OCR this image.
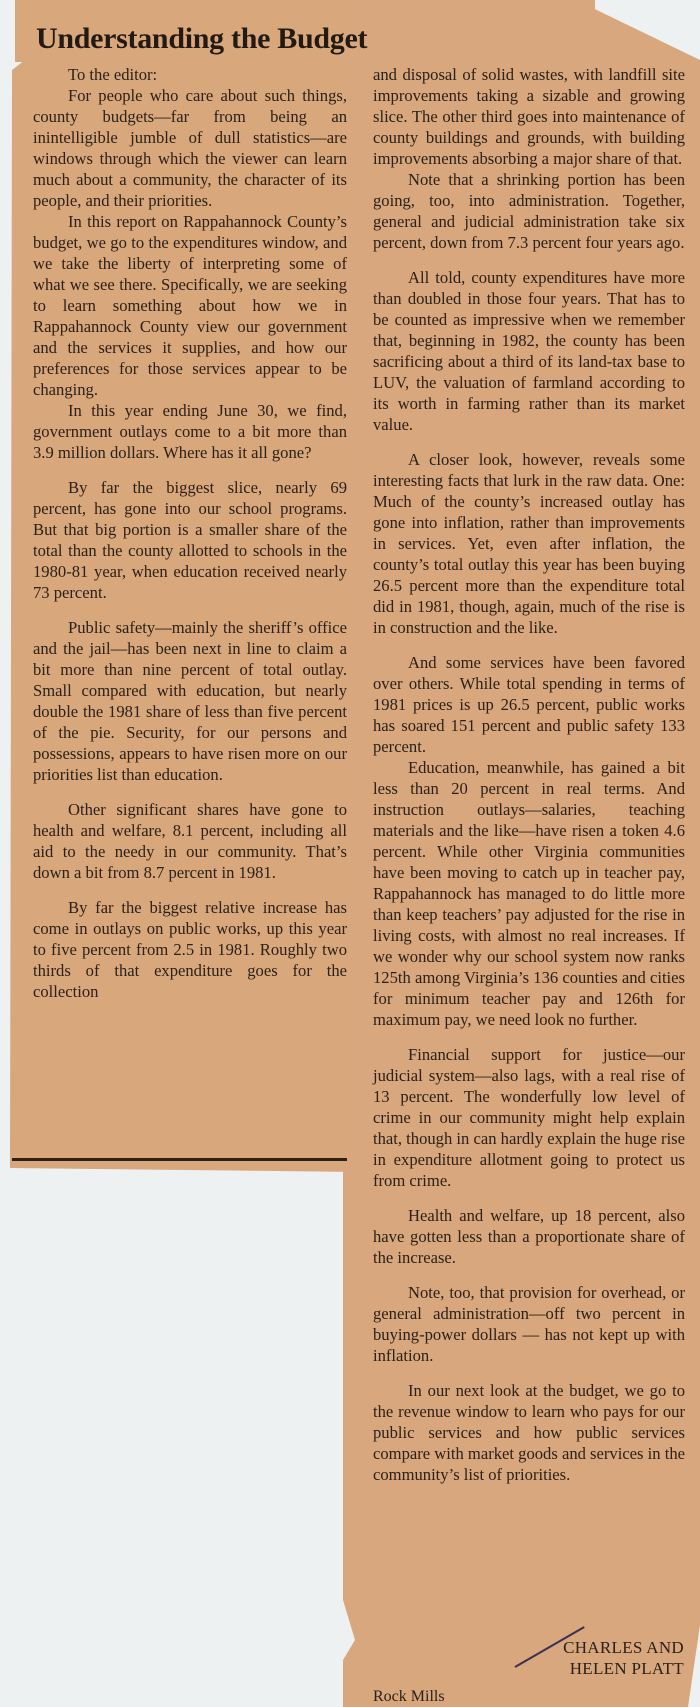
Understanding the Budget

To the editor:

For people who care about such things, county budgets—far from being an inintelligible jumble of dull statistics—are windows through which the viewer can learn much about a community, the character of its people, and their priorities.

In this report on Rappahannock County’s budget, we go to the expenditures window, and we take the liberty of interpreting some of what we see there. Specifically, we are seeking to learn something about how we in Rappahannock County view our government and the services it supplies, and how our preferences for those services appear to be changing.

In this year ending June 30, we find, government outlays come to a bit more than 3.9 million dollars. Where has it all gone?

By far the biggest slice, nearly 69 percent, has gone into our school programs. But that big portion is a smaller share of the total than the county allotted to schools in the 1980-81 year, when education received nearly 73 percent.

Public safety—mainly the sheriff’s office and the jail—has been next in line to claim a bit more than nine percent of total outlay. Small compared with education, but nearly double the 1981 share of less than five percent of the pie. Security, for our persons and possessions, appears to have risen more on our priorities list than education.

Other significant shares have gone to health and welfare, 8.1 percent, including all aid to the needy in our community. That’s down a bit from 8.7 percent in 1981.

By far the biggest relative increase has come in outlays on public works, up this year to five percent from 2.5 in 1981. Roughly two thirds of that expenditure goes for the collection

and disposal of solid wastes, with landfill site improvements taking a sizable and growing slice. The other third goes into maintenance of county buildings and grounds, with building improvements absorbing a major share of that.

Note that a shrinking portion has been going, too, into administration. Together, general and judicial administration take six percent, down from 7.3 percent four years ago.

All told, county expenditures have more than doubled in those four years. That has to be counted as impressive when we remember that, beginning in 1982, the county has been sacrificing about a third of its land-tax base to LUV, the valuation of farmland according to its worth in farming rather than its market value.

A closer look, however, reveals some interesting facts that lurk in the raw data. One: Much of the county’s increased outlay has gone into inflation, rather than improvements in services. Yet, even after inflation, the county’s total outlay this year has been buying 26.5 percent more than the expenditure total did in 1981, though, again, much of the rise is in construction and the like.

And some services have been favored over others. While total spending in terms of 1981 prices is up 26.5 percent, public works has soared 151 percent and public safety 133 percent.

Education, meanwhile, has gained a bit less than 20 percent in real terms. And instruction outlays—salaries, teaching materials and the like—have risen a token 4.6 percent. While other Virginia communities have been moving to catch up in teacher pay, Rappahannock has managed to do little more than keep teachers’ pay adjusted for the rise in living costs, with almost no real increases. If we wonder why our school system now ranks 125th among Virginia’s 136 counties and cities for minimum teacher pay and 126th for maximum pay, we need look no further.

Financial support for justice—our judicial system—also lags, with a real rise of 13 percent. The wonderfully low level of crime in our community might help explain that, though in can hardly explain the huge rise in expenditure allotment going to protect us from crime.

Health and welfare, up 18 percent, also have gotten less than a proportionate share of the increase.

Note, too, that provision for overhead, or general administration—off two percent in buying-power dollars — has not kept up with inflation.

In our next look at the budget, we go to the revenue window to learn who pays for our public services and how public services compare with market goods and services in the community’s list of priorities.

CHARLES AND
HELEN PLATT
Rock Mills
